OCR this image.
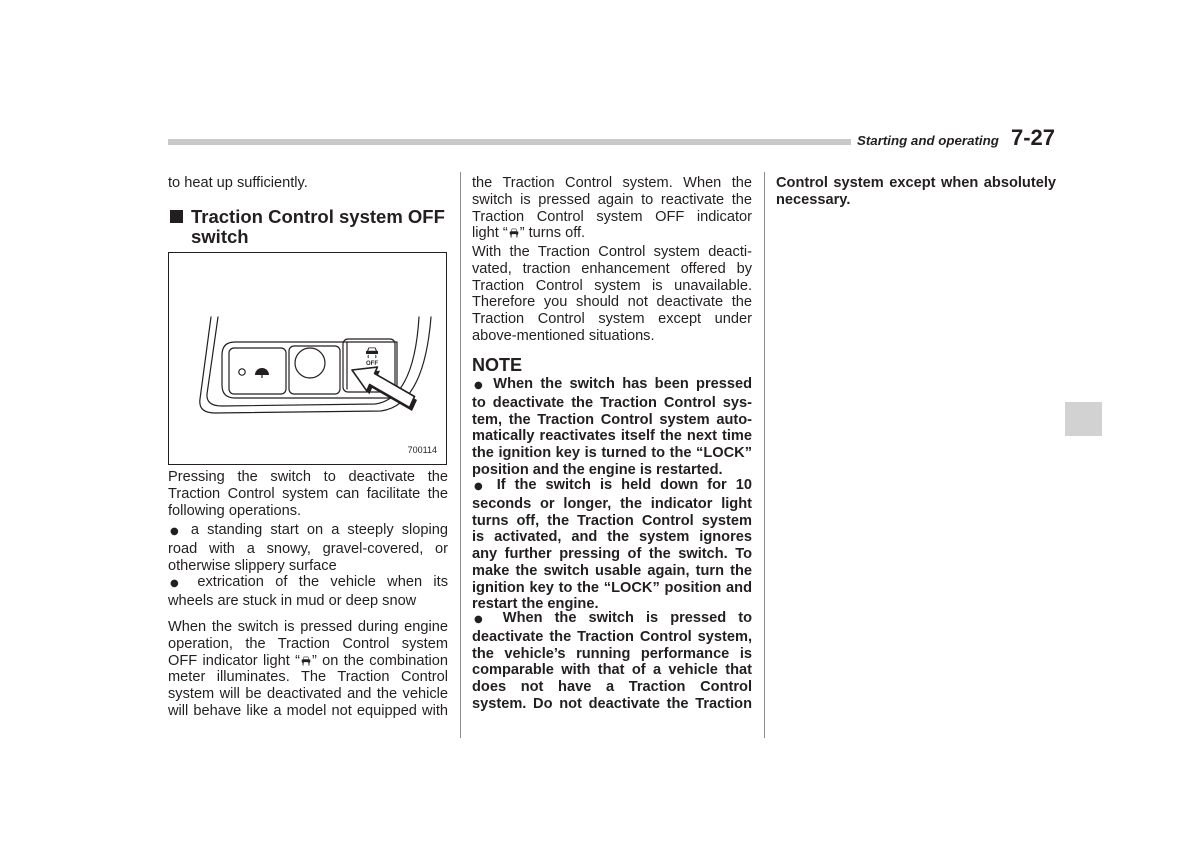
Starting and operating 7-27
to heat up sufficiently.
Traction Control system OFF
switch
OFF
700114
Pressing the switch to deactivate the
Traction Control system can facilitate the
following operations.
● a standing start on a steeply sloping
road with a snowy, gravel-covered, or
otherwise slippery surface
● extrication of the vehicle when its
wheels are stuck in mud or deep snow
When the switch is pressed during engine
operation, the Traction Control system
OFF indicator light “ ” on the combination
meter illuminates. The Traction Control
system will be deactivated and the vehicle
will behave like a model not equipped with
the Traction Control system. When the
switch is pressed again to reactivate the
Traction Control system OFF indicator
light “ ” turns off.
With the Traction Control system deacti-
vated, traction enhancement offered by
Traction Control system is unavailable.
Therefore you should not deactivate the
Traction Control system except under
above-mentioned situations.
NOTE
● When the switch has been pressed
to deactivate the Traction Control sys-
tem, the Traction Control system auto-
matically reactivates itself the next time
the ignition key is turned to the “LOCK”
position and the engine is restarted.
● If the switch is held down for 10
seconds or longer, the indicator light
turns off, the Traction Control system
is activated, and the system ignores
any further pressing of the switch. To
make the switch usable again, turn the
ignition key to the “LOCK” position and
restart the engine.
● When the switch is pressed to
deactivate the Traction Control system,
the vehicle’s running performance is
comparable with that of a vehicle that
does not have a Traction Control
system. Do not deactivate the Traction
Control system except when absolutely
necessary.
